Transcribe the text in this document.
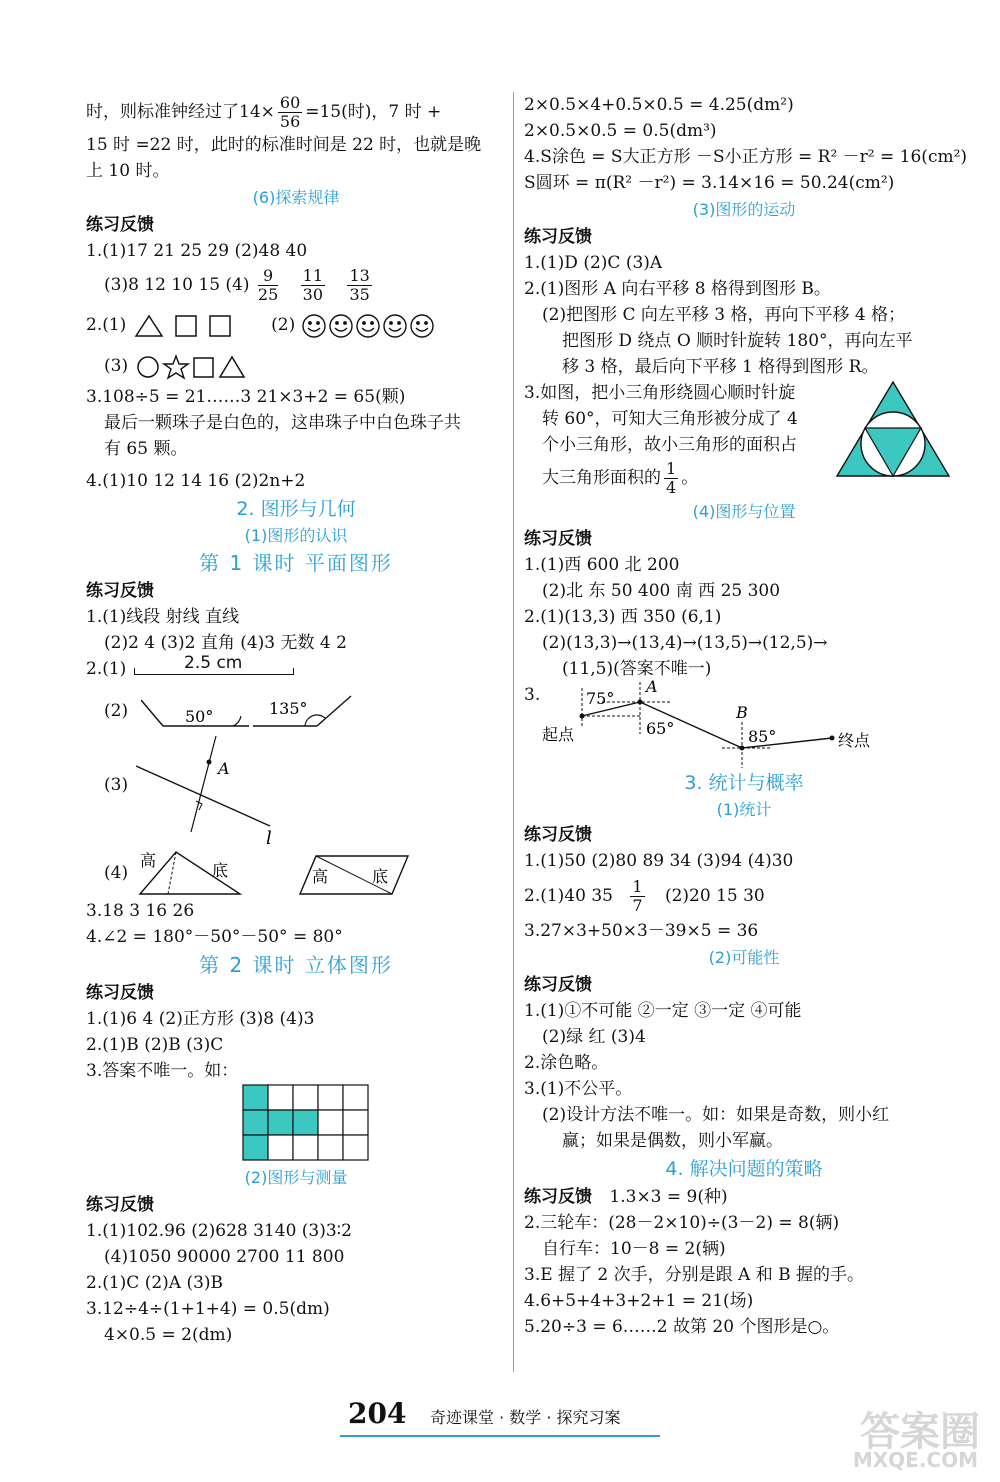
时，则标准钟经过了$14\times \frac{60}{56} =15$(时)，7 时 +
15 时 =22 时，此时的标准时间是 22 时，也就是晚
上 10 时。
(6)探索规律
练习反馈
1.(1)17 21 25 29 (2)48 40
(3)8 12 10 15 $(4) \frac{9}{25}$
$\frac{11}{30}$
$\frac{13}{35}$
2.(1)	(2)
(3)
3.108÷5 = 21……3 21×3+2 = 65(颗)
最后一颗珠子是白色的，这串珠子中白色珠子共
有 65 颗。
4.(1)10 12 14 16 (2)2n+2
2. 图形与几何
(1)图形的认识
第 1 课时 平面图形
练习反馈
1.(1)线段 射线 直线
(2)2 4 (3)2 直角 (4)3 无数 4 2
2.(1)	2.5 cm
(2)	50°	135°
(3)
A
l
(4)
高
底	高	底
3.18 3 16 26
4.∠2 = 180°－50°－50° = 80°
第 2 课时 立体图形
练习反馈
1.(1)6 4 (2)正方形 (3)8 (4)3
2.(1)B (2)B (3)C
3.答案不唯一。如：
(2)图形与测量
练习反馈
1.(1)102.96 (2)628 3140 (3)3∶2
(4)1050 90000 2700 11 800
2.(1)C (2)A (3)B
3.12÷4÷(1+1+4) = 0.5(dm)
4×0.5 = 2(dm)
2×0.5×4+0.5×0.5 = 4.25(dm²)
2×0.5×0.5 = 0.5(dm³)
4.S涂色 = S大正方形 －S小正方形 = R² －r² = 16(cm²)
S圆环 = π(R² －r²) = 3.14×16 = 50.24(cm²)
(3)图形的运动
练习反馈
1.(1)D (2)C (3)A
2.(1)图形 A 向右平移 8 格得到图形 B。
(2)把图形 C 向左平移 3 格，再向下平移 4 格；
把图形 D 绕点 O 顺时针旋转 180°，再向左平
移 3 格，最后向下平移 1 格得到图形 R。
3.如图，把小三角形绕圆心顺时针旋
转 60°，可知大三角形被分成了 4
个小三角形，故小三角形的面积占
大三角形面积的 $\frac{1}{4}$ 。
(4)图形与位置
练习反馈
1.(1)西 600 北 200
(2)北 东 50 400 南 西 25 300
2.(1)(13,3) 西 350 (6,1)
(2)(13,3)→(13,4)→(13,5)→(12,5)→
(11,5)(答案不唯一)
3.	75°
A
65°
B
85°
起点	终点
3. 统计与概率
(1)统计
练习反馈
1.(1)50 (2)80 89 34 (3)94 (4)30
2.(1)40 $35 \frac{1}{7} (2)20$ 15 30
3.27×3+50×3－39×5 = 36
(2)可能性
练习反馈
1.(1)①不可能 ②一定 ③一定 ④可能
(2)绿 红 (3)4
2.涂色略。
3.(1)不公平。
(2)设计方法不唯一。如：如果是奇数，则小红
赢；如果是偶数，则小军赢。
4. 解决问题的策略
练习反馈 1.3×3 = 9(种)
2.三轮车：(28－2×10)÷(3－2) = 8(辆)
自行车：10－8 = 2(辆)
3.E 握了 2 次手，分别是跟 A 和 B 握的手。
4.6+5+4+3+2+1 = 21(场)
5.20÷3 = 6……2 故第 20 个图形是○。
204 奇迹课堂 · 数学 · 探究习案	答案圈
MXQE.COM
